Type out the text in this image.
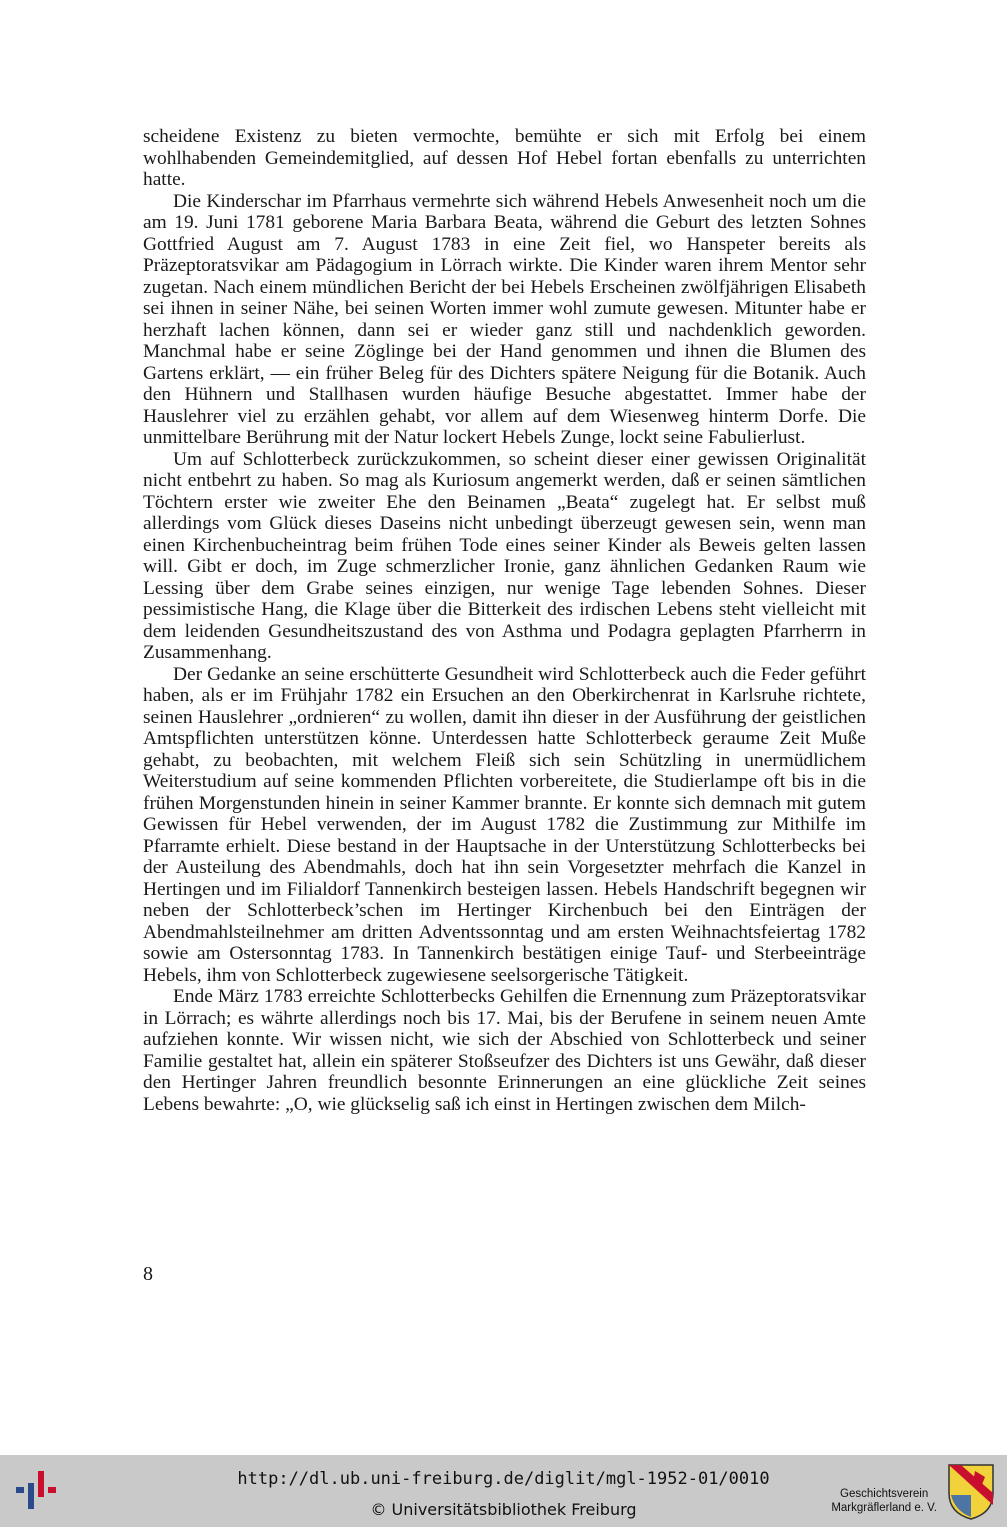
scheidene Existenz zu bieten vermochte, bemühte er sich mit Erfolg bei einem wohlhabenden Gemeindemitglied, auf dessen Hof Hebel fortan ebenfalls zu unterrichten hatte.

Die Kinderschar im Pfarrhaus vermehrte sich während Hebels Anwesenheit noch um die am 19. Juni 1781 geborene Maria Barbara Beata, während die Geburt des letzten Sohnes Gottfried August am 7. August 1783 in eine Zeit fiel, wo Hanspeter bereits als Präzeptoratsvikar am Pädagogium in Lörrach wirkte. Die Kinder waren ihrem Mentor sehr zugetan. Nach einem mündlichen Bericht der bei Hebels Erscheinen zwölfjährigen Elisabeth sei ihnen in seiner Nähe, bei seinen Worten immer wohl zumute gewesen. Mitunter habe er herzhaft lachen können, dann sei er wieder ganz still und nachdenklich geworden. Manchmal habe er seine Zöglinge bei der Hand genommen und ihnen die Blumen des Gartens erklärt, — ein früher Beleg für des Dichters spätere Neigung für die Botanik. Auch den Hühnern und Stallhasen wurden häufige Besuche abgestattet. Immer habe der Hauslehrer viel zu erzählen gehabt, vor allem auf dem Wiesenweg hinterm Dorfe. Die unmittelbare Berührung mit der Natur lockert Hebels Zunge, lockt seine Fabulierlust.

Um auf Schlotterbeck zurückzukommen, so scheint dieser einer gewissen Originalität nicht entbehrt zu haben. So mag als Kuriosum angemerkt werden, daß er seinen sämtlichen Töchtern erster wie zweiter Ehe den Beinamen „Beata“ zugelegt hat. Er selbst muß allerdings vom Glück dieses Daseins nicht unbedingt überzeugt gewesen sein, wenn man einen Kirchenbucheintrag beim frühen Tode eines seiner Kinder als Beweis gelten lassen will. Gibt er doch, im Zuge schmerzlicher Ironie, ganz ähnlichen Gedanken Raum wie Lessing über dem Grabe seines einzigen, nur wenige Tage lebenden Sohnes. Dieser pessimistische Hang, die Klage über die Bitterkeit des irdischen Lebens steht vielleicht mit dem leidenden Gesundheitszustand des von Asthma und Podagra geplagten Pfarrherrn in Zusammenhang.

Der Gedanke an seine erschütterte Gesundheit wird Schlotterbeck auch die Feder geführt haben, als er im Frühjahr 1782 ein Ersuchen an den Oberkirchenrat in Karlsruhe richtete, seinen Hauslehrer „ordnieren“ zu wollen, damit ihn dieser in der Ausführung der geistlichen Amtspflichten unterstützen könne. Unterdessen hatte Schlotterbeck geraume Zeit Muße gehabt, zu beobachten, mit welchem Fleiß sich sein Schützling in unermüdlichem Weiterstudium auf seine kommenden Pflichten vorbereitete, die Studierlampe oft bis in die frühen Morgenstunden hinein in seiner Kammer brannte. Er konnte sich demnach mit gutem Gewissen für Hebel verwenden, der im August 1782 die Zustimmung zur Mithilfe im Pfarramte erhielt. Diese bestand in der Hauptsache in der Unterstützung Schlotterbecks bei der Austeilung des Abendmahls, doch hat ihn sein Vorgesetzter mehrfach die Kanzel in Hertingen und im Filialdorf Tannenkirch besteigen lassen. Hebels Handschrift begegnen wir neben der Schlotterbeck’schen im Hertinger Kirchenbuch bei den Einträgen der Abendmahlsteilnehmer am dritten Adventssonntag und am ersten Weihnachtsfeiertag 1782 sowie am Ostersonntag 1783. In Tannenkirch bestätigen einige Tauf- und Sterbeeinträge Hebels, ihm von Schlotterbeck zugewiesene seelsorgerische Tätigkeit.

Ende März 1783 erreichte Schlotterbecks Gehilfen die Ernennung zum Präzeptoratsvikar in Lörrach; es währte allerdings noch bis 17. Mai, bis der Berufene in seinem neuen Amte aufziehen konnte. Wir wissen nicht, wie sich der Abschied von Schlotterbeck und seiner Familie gestaltet hat, allein ein späterer Stoßseufzer des Dichters ist uns Gewähr, daß dieser den Hertinger Jahren freundlich besonnte Erinnerungen an eine glückliche Zeit seines Lebens bewahrte: „O, wie glückselig saß ich einst in Hertingen zwischen dem Milch-

8
http://dl.ub.uni-freiburg.de/diglit/mgl-1952-01/0010
© Universitätsbibliothek Freiburg
Geschichtsverein
Markgräflerland e. V.
